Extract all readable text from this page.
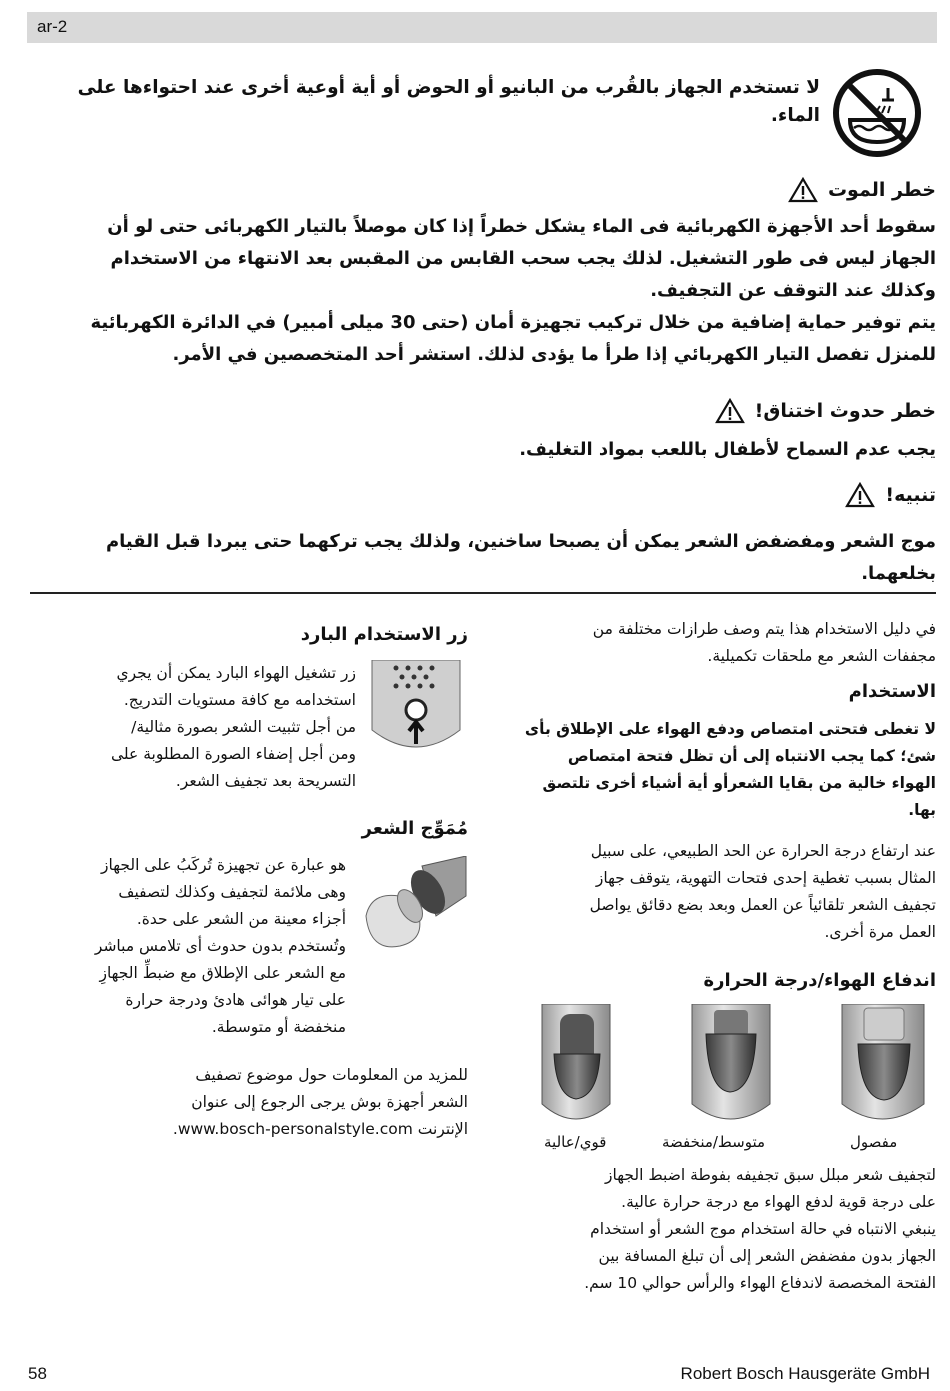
ar-2
لا تستخدم الجهاز بالقُرب من البانيو أو الحوض أو أية أوعية أخرى عند احتواءها على الماء.
خطر الموت
سقوط أحد الأجهزة الكهربائية فى الماء يشكل خطراً إذا كان موصلاً بالتيار الكهربائى حتى لو أن
الجهاز ليس فى طور التشغيل. لذلك يجب سحب القابس من المقبس بعد الانتهاء من الاستخدام
وكذلك عند التوقف عن التجفيف.
يتم توفير حماية إضافية من خلال تركيب تجهيزة أمان (حتى 30 ميلى أمبير) في الدائرة الكهربائية
للمنزل تفصل التيار الكهربائي إذا طرأ ما يؤدى لذلك. استشر أحد المتخصصين في الأمر.
خطر حدوث اختناق!
يجب عدم السماح لأطفال باللعب بمواد التغليف.
تنبيه!
موج الشعر ومفضفض الشعر يمكن أن يصبحا ساخنين، ولذلك يجب تركهما حتى يبردا قبل القيام
بخلعهما.
في دليل الاستخدام هذا يتم وصف طرازات مختلفة من
مجففات الشعر مع ملحقات تكميلية.
الاستخدام
لا تغطى فتحتى امتصاص ودفع الهواء على الإطلاق بأى
شئ؛ كما يجب الانتباه إلى أن تظل فتحة امتصاص
الهواء خالية من بقايا الشعرأو أية أشياء أخرى تلتصق
بها.
عند ارتفاع درجة الحرارة عن الحد الطبيعي، على سبيل
المثال بسبب تغطية إحدى فتحات التهوية، يتوقف جهاز
تجفيف الشعر تلقائياً عن العمل وبعد بضع دقائق يواصل
العمل مرة أخرى.
اندفاع الهواء/درجة الحرارة
مفصول
متوسط/منخفضة
قوي/عالية
لتجفيف شعر مبلل سبق تجفيفه بفوطة اضبط الجهاز
على درجة قوية لدفع الهواء مع درجة حرارة عالية.
ينبغي الانتباه في حالة استخدام موج الشعر أو استخدام
الجهاز بدون مفضفض الشعر إلى أن تبلغ المسافة بين
الفتحة المخصصة لاندفاع الهواء والرأس حوالي 10 سم.
زر الاستخدام البارد
زر تشغيل الهواء البارد يمكن أن يجري
استخدامه مع كافة مستويات التدريج.
من أجل تثبيت الشعر بصورة مثالية/
ومن أجل إضفاء الصورة المطلوبة على
التسريحة بعد تجفيف الشعر.
مُمَوِّج الشعر
هو عبارة عن تجهيزة تُركَبُ على الجهاز
وهى ملائمة لتجفيف وكذلك لتصفيف
أجزاء معينة من الشعر على حدة.
وتُستخدم بدون حدوث أى تلامس مباشر
مع الشعر على الإطلاق مع ضبطِّ الجهازِ
على تيار هوائى هادئ ودرجة حرارة
منخفضة أو متوسطة.
للمزيد من المعلومات حول موضوع تصفيف
الشعر أجهزة بوش يرجى الرجوع إلى عنوان
الإنترنت www.bosch-personalstyle.com.
58	Robert Bosch Hausgeräte GmbH
